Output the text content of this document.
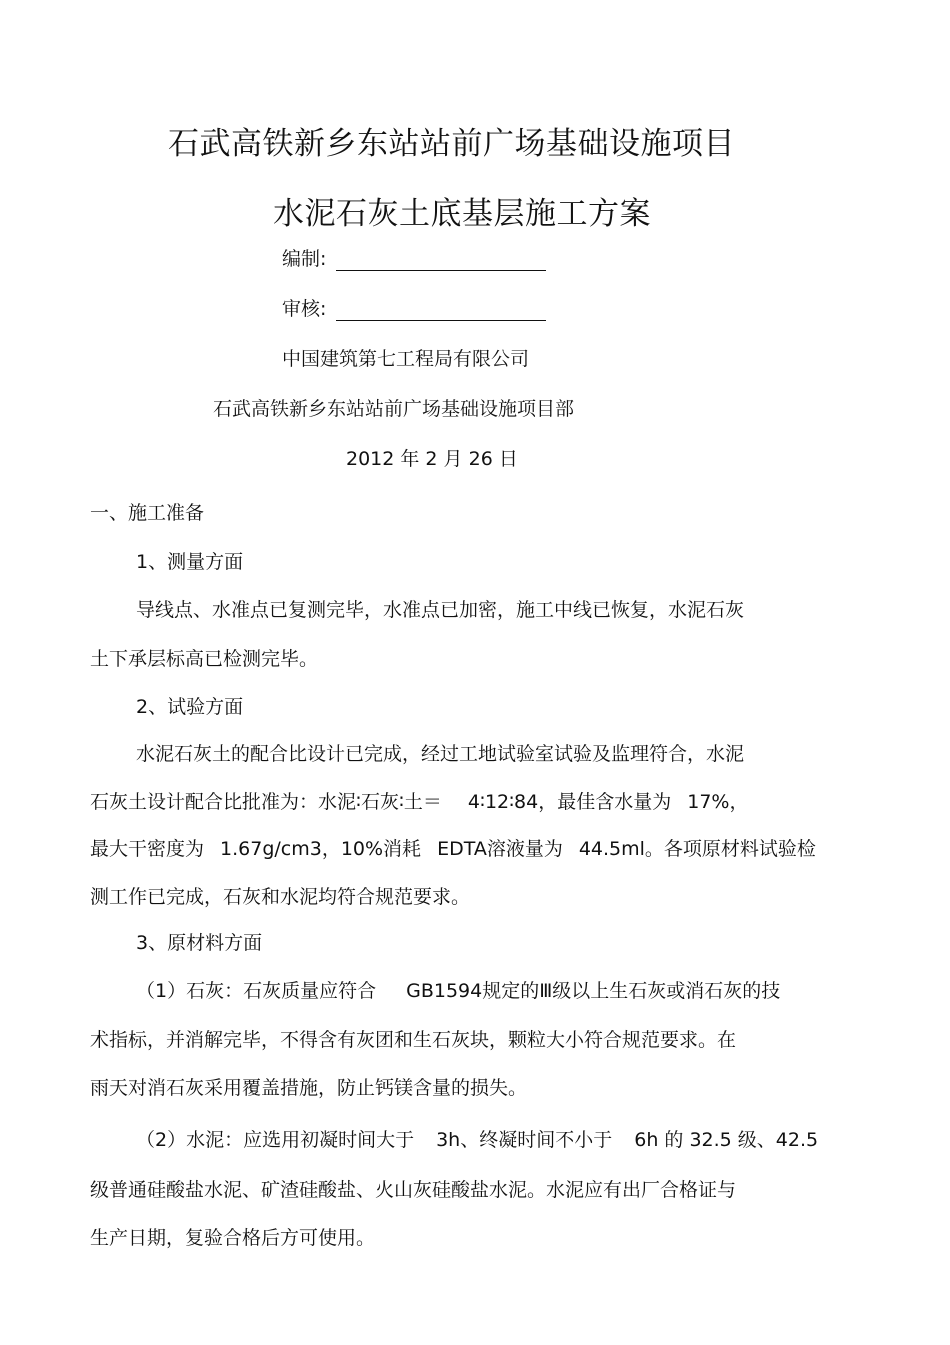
石武高铁新乡东站站前广场基础设施项目
水泥石灰土底基层施工方案
编制:
审核:
中国建筑第七工程局有限公司
石武高铁新乡东站站前广场基础设施项目部
2012 年 2 月 26 日
一、施工准备
1、测量方面
导线点、水准点已复测完毕，水准点已加密，施工中线已恢复，水泥石灰
土下承层标高已检测完毕。
2、试验方面
水泥石灰土的配合比设计已完成，经过工地试验室试验及监理符合，水泥
石灰土设计配合比批准为：水泥∶石灰∶土＝ 4∶12∶84，最佳含水量为 17%，
最大干密度为 1.67g/cm3，10%消耗 EDTA溶液量为 44.5ml。各项原材料试验检
测工作已完成，石灰和水泥均符合规范要求。
3、原材料方面
（1）石灰：石灰质量应符合 GB1594规定的Ⅲ级以上生石灰或消石灰的技
术指标，并消解完毕，不得含有灰团和生石灰块，颗粒大小符合规范要求。在
雨天对消石灰采用覆盖措施，防止钙镁含量的损失。
（2）水泥：应选用初凝时间大于 3h、终凝时间不小于 6h 的 32.5 级、42.5
级普通硅酸盐水泥、矿渣硅酸盐、火山灰硅酸盐水泥。水泥应有出厂合格证与
生产日期，复验合格后方可使用。
